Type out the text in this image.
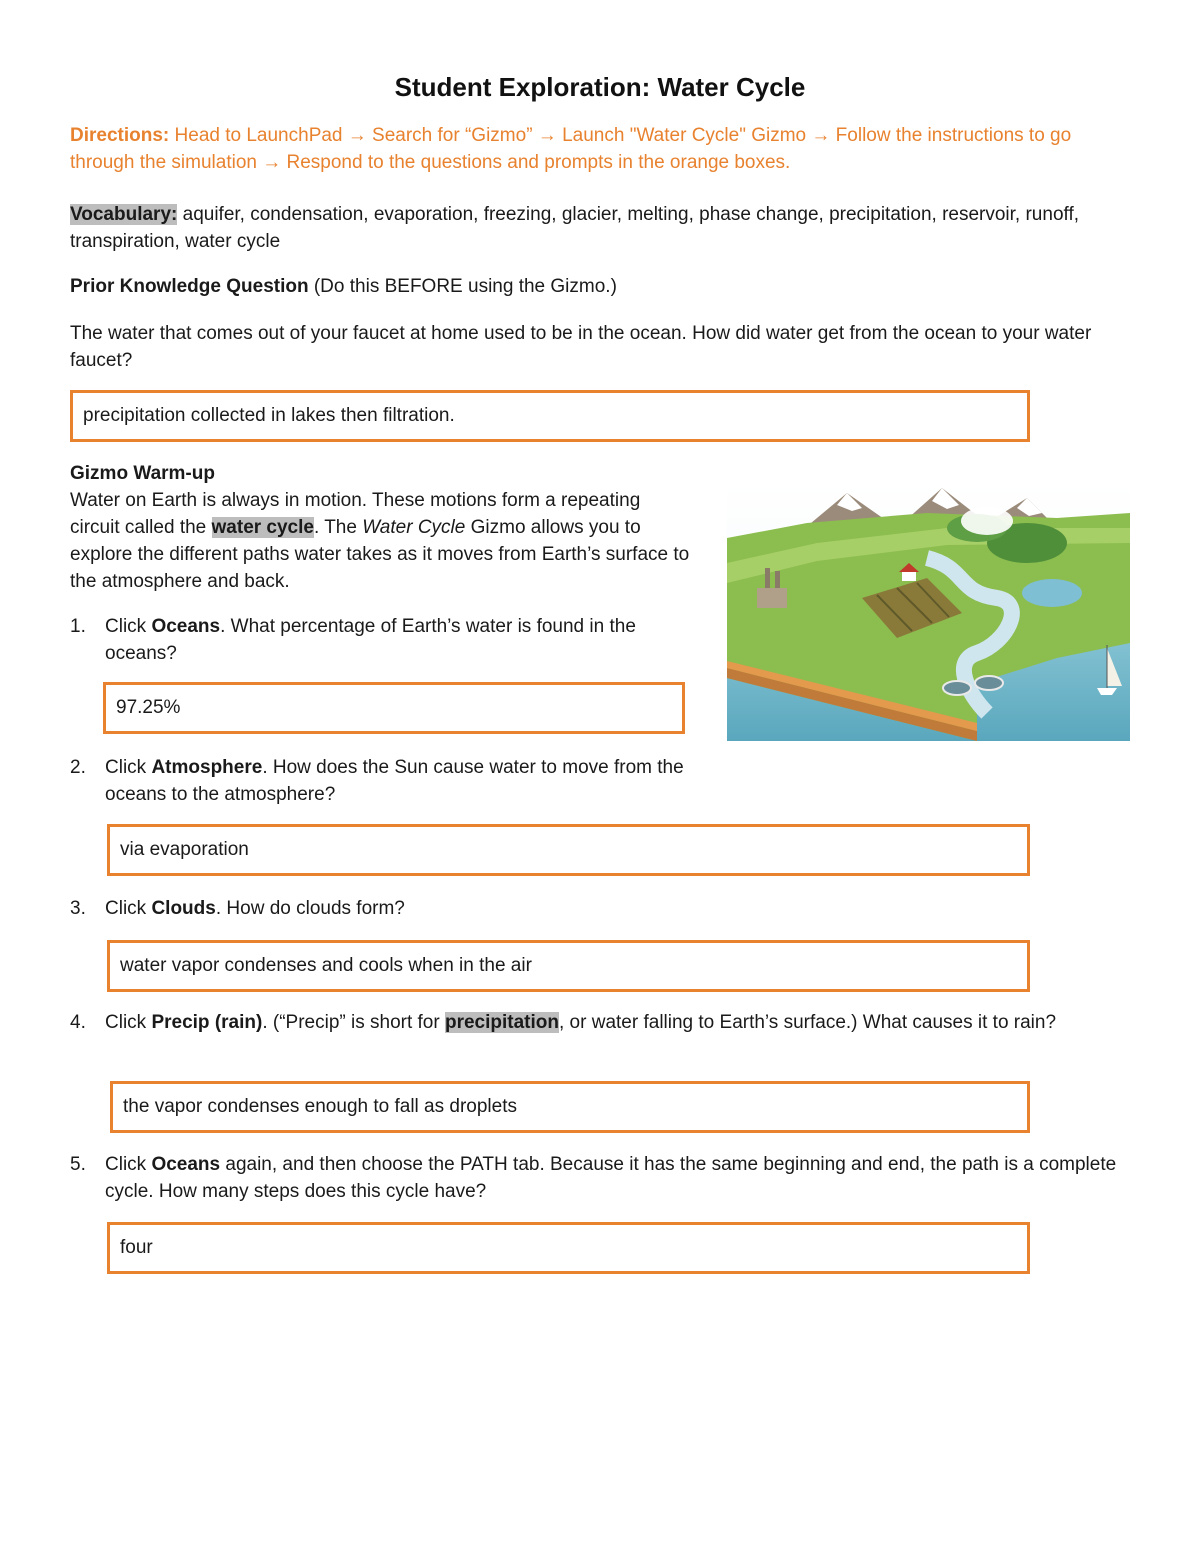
Student Exploration: Water Cycle
Directions: Head to LaunchPad → Search for “Gizmo” → Launch "Water Cycle" Gizmo → Follow the instructions to go through the simulation → Respond to the questions and prompts in the orange boxes.
Vocabulary: aquifer, condensation, evaporation, freezing, glacier, melting, phase change, precipitation, reservoir, runoff, transpiration, water cycle
Prior Knowledge Question (Do this BEFORE using the Gizmo.)
The water that comes out of your faucet at home used to be in the ocean. How did water get from the ocean to your water faucet?
precipitation collected in lakes then filtration.
Gizmo Warm-up
Water on Earth is always in motion. These motions form a repeating circuit called the water cycle. The Water Cycle Gizmo allows you to explore the different paths water takes as it moves from Earth’s surface to the atmosphere and back.
1. Click Oceans. What percentage of Earth’s water is found in the oceans?
97.25%
2. Click Atmosphere. How does the Sun cause water to move from the oceans to the atmosphere?
via evaporation
3. Click Clouds. How do clouds form?
water vapor condenses and cools when in the air
4. Click Precip (rain). (“Precip” is short for precipitation, or water falling to Earth’s surface.) What causes it to rain?
the vapor condenses enough to fall as droplets
5. Click Oceans again, and then choose the PATH tab. Because it has the same beginning and end, the path is a complete cycle. How many steps does this cycle have?
four
